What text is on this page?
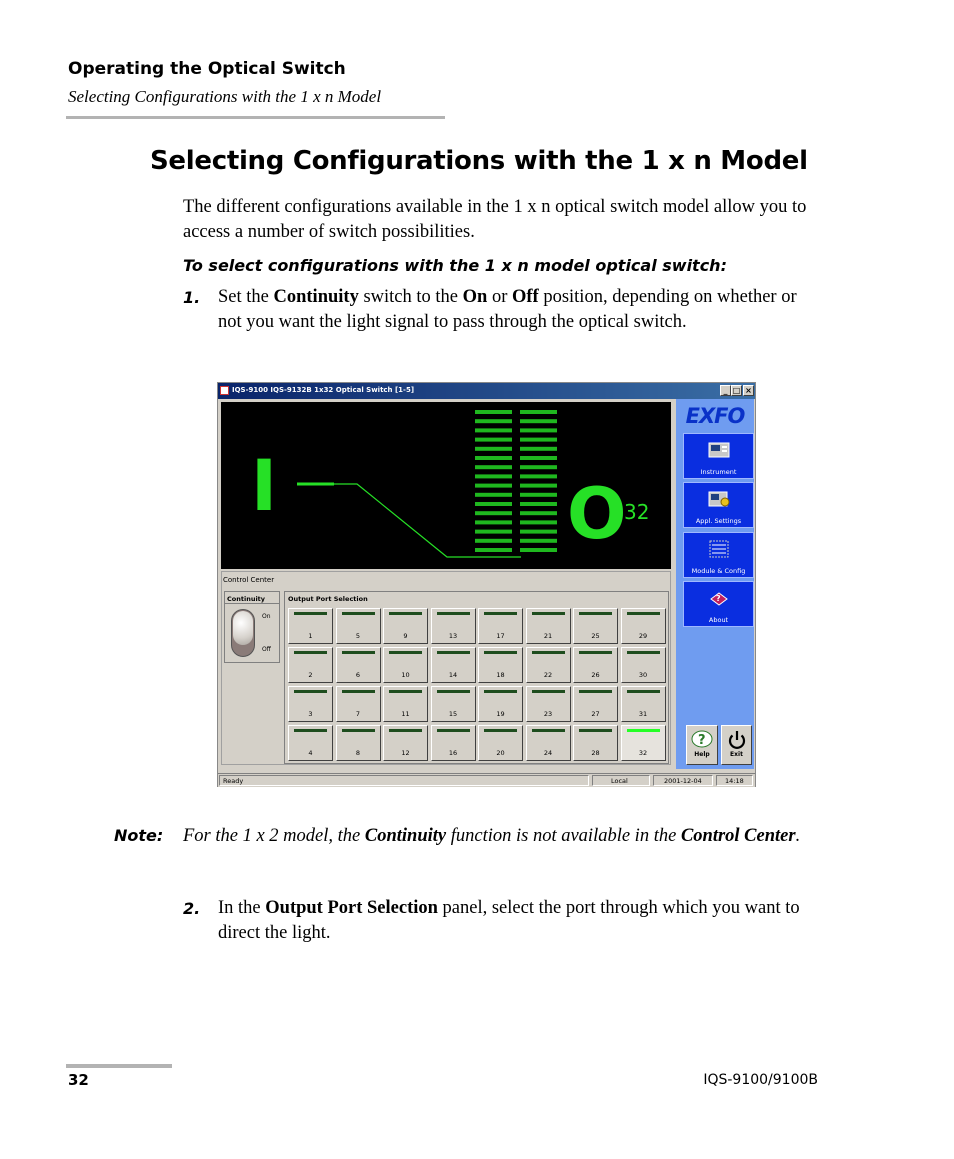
Operating the Optical Switch
Selecting Configurations with the 1 x n Model
Selecting Configurations with the 1 x n Model
The different configurations available in the 1 x n optical switch model allow you to access a number of switch possibilities.
To select configurations with the 1 x n model optical switch:
1. Set the Continuity switch to the On or Off position, depending on whether or not you want the light signal to pass through the optical switch.
IQS-9100 IQS-9132B 1x32 Optical Switch [1-5]	_ □ ×
I	O
32
Control Center
Continuity
On
Off
Output Port Selection
1	5	9	13	17	21	25	29
2	6	10	14	18	22	26	30
3	7	11	15	19	23	27	31
4	8	12	16	20	24	28	32
EXFO
Instrument
Appl. Settings
Module & Config
?
About
?
Help	Exit
Ready	Local	2001-12-04	14:18
Note: For the 1 x 2 model, the Continuity function is not available in the Control Center.
2. In the Output Port Selection panel, select the port through which you want to direct the light.
32	IQS-9100/9100B
